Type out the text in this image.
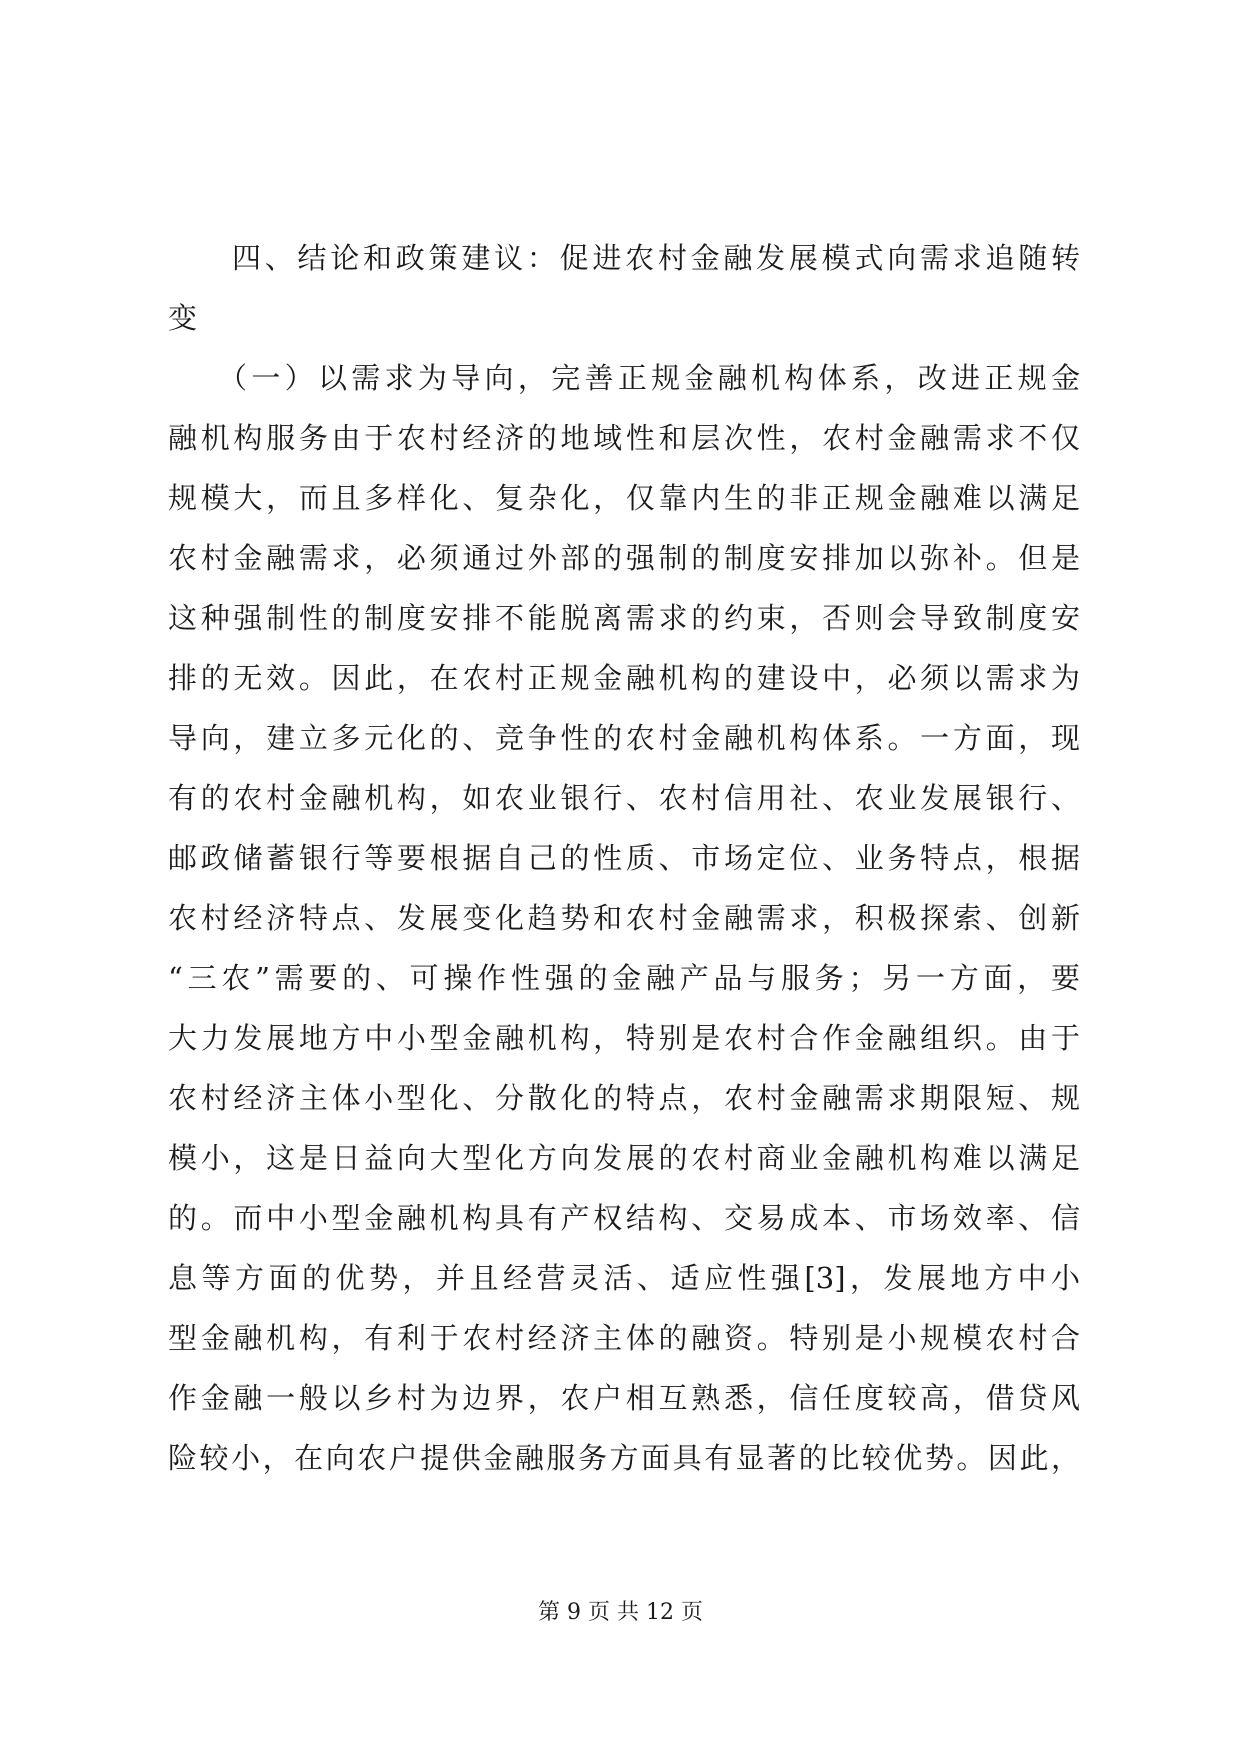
四、结论和政策建议：促进农村金融发展模式向需求追随转
变
（一）以需求为导向，完善正规金融机构体系，改进正规金
融机构服务由于农村经济的地域性和层次性，农村金融需求不仅
规模大，而且多样化、复杂化，仅靠内生的非正规金融难以满足
农村金融需求，必须通过外部的强制的制度安排加以弥补。但是
这种强制性的制度安排不能脱离需求的约束，否则会导致制度安
排的无效。因此，在农村正规金融机构的建设中，必须以需求为
导向，建立多元化的、竞争性的农村金融机构体系。一方面，现
有的农村金融机构，如农业银行、农村信用社、农业发展银行、
邮政储蓄银行等要根据自己的性质、市场定位、业务特点，根据
农村经济特点、发展变化趋势和农村金融需求，积极探索、创新
“三农”需要的、可操作性强的金融产品与服务；另一方面，要
大力发展地方中小型金融机构，特别是农村合作金融组织。由于
农村经济主体小型化、分散化的特点，农村金融需求期限短、规
模小，这是日益向大型化方向发展的农村商业金融机构难以满足
的。而中小型金融机构具有产权结构、交易成本、市场效率、信
息等方面的优势，并且经营灵活、适应性强[3]，发展地方中小
型金融机构，有利于农村经济主体的融资。特别是小规模农村合
作金融一般以乡村为边界，农户相互熟悉，信任度较高，借贷风
险较小，在向农户提供金融服务方面具有显著的比较优势。因此，
第 9 页 共 12 页
